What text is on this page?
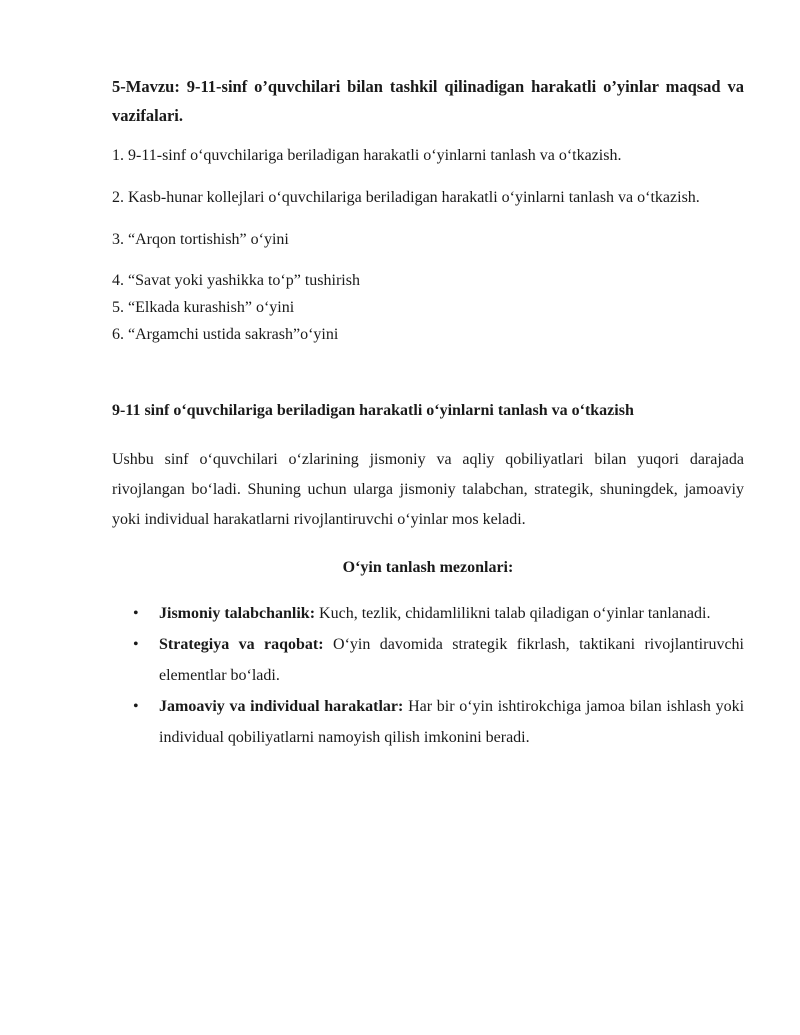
5-Mavzu: 9-11-sinf o’quvchilari bilan tashkil qilinadigan harakatli o’yinlar maqsad va vazifalari.

1. 9-11-sinf o‘quvchilariga beriladigan harakatli o‘yinlarni tanlash va o‘tkazish.

2. Kasb-hunar kollejlari o‘quvchilariga beriladigan harakatli o‘yinlarni tanlash va o‘tkazish.

3. “Arqon tortishish” o‘yini

4. “Savat yoki yashikka to‘p” tushirish

5. “Elkada kurashish” o‘yini

6. “Argamchi ustida sakrash”o‘yini

9-11 sinf o‘quvchilariga beriladigan harakatli o‘yinlarni tanlash va o‘tkazish

Ushbu sinf o‘quvchilari o‘zlarining jismoniy va aqliy qobiliyatlari bilan yuqori darajada rivojlangan bo‘ladi. Shuning uchun ularga jismoniy talabchan, strategik, shuningdek, jamoaviy yoki individual harakatlarni rivojlantiruvchi o‘yinlar mos keladi.

O‘yin tanlash mezonlari:

• Jismoniy talabchanlik: Kuch, tezlik, chidamlilikni talab qiladigan o‘yinlar tanlanadi.
• Strategiya va raqobat: O‘yin davomida strategik fikrlash, taktikani rivojlantiruvchi elementlar bo‘ladi.
• Jamoaviy va individual harakatlar: Har bir o‘yin ishtirokchiga jamoa bilan ishlash yoki individual qobiliyatlarni namoyish qilish imkonini beradi.
